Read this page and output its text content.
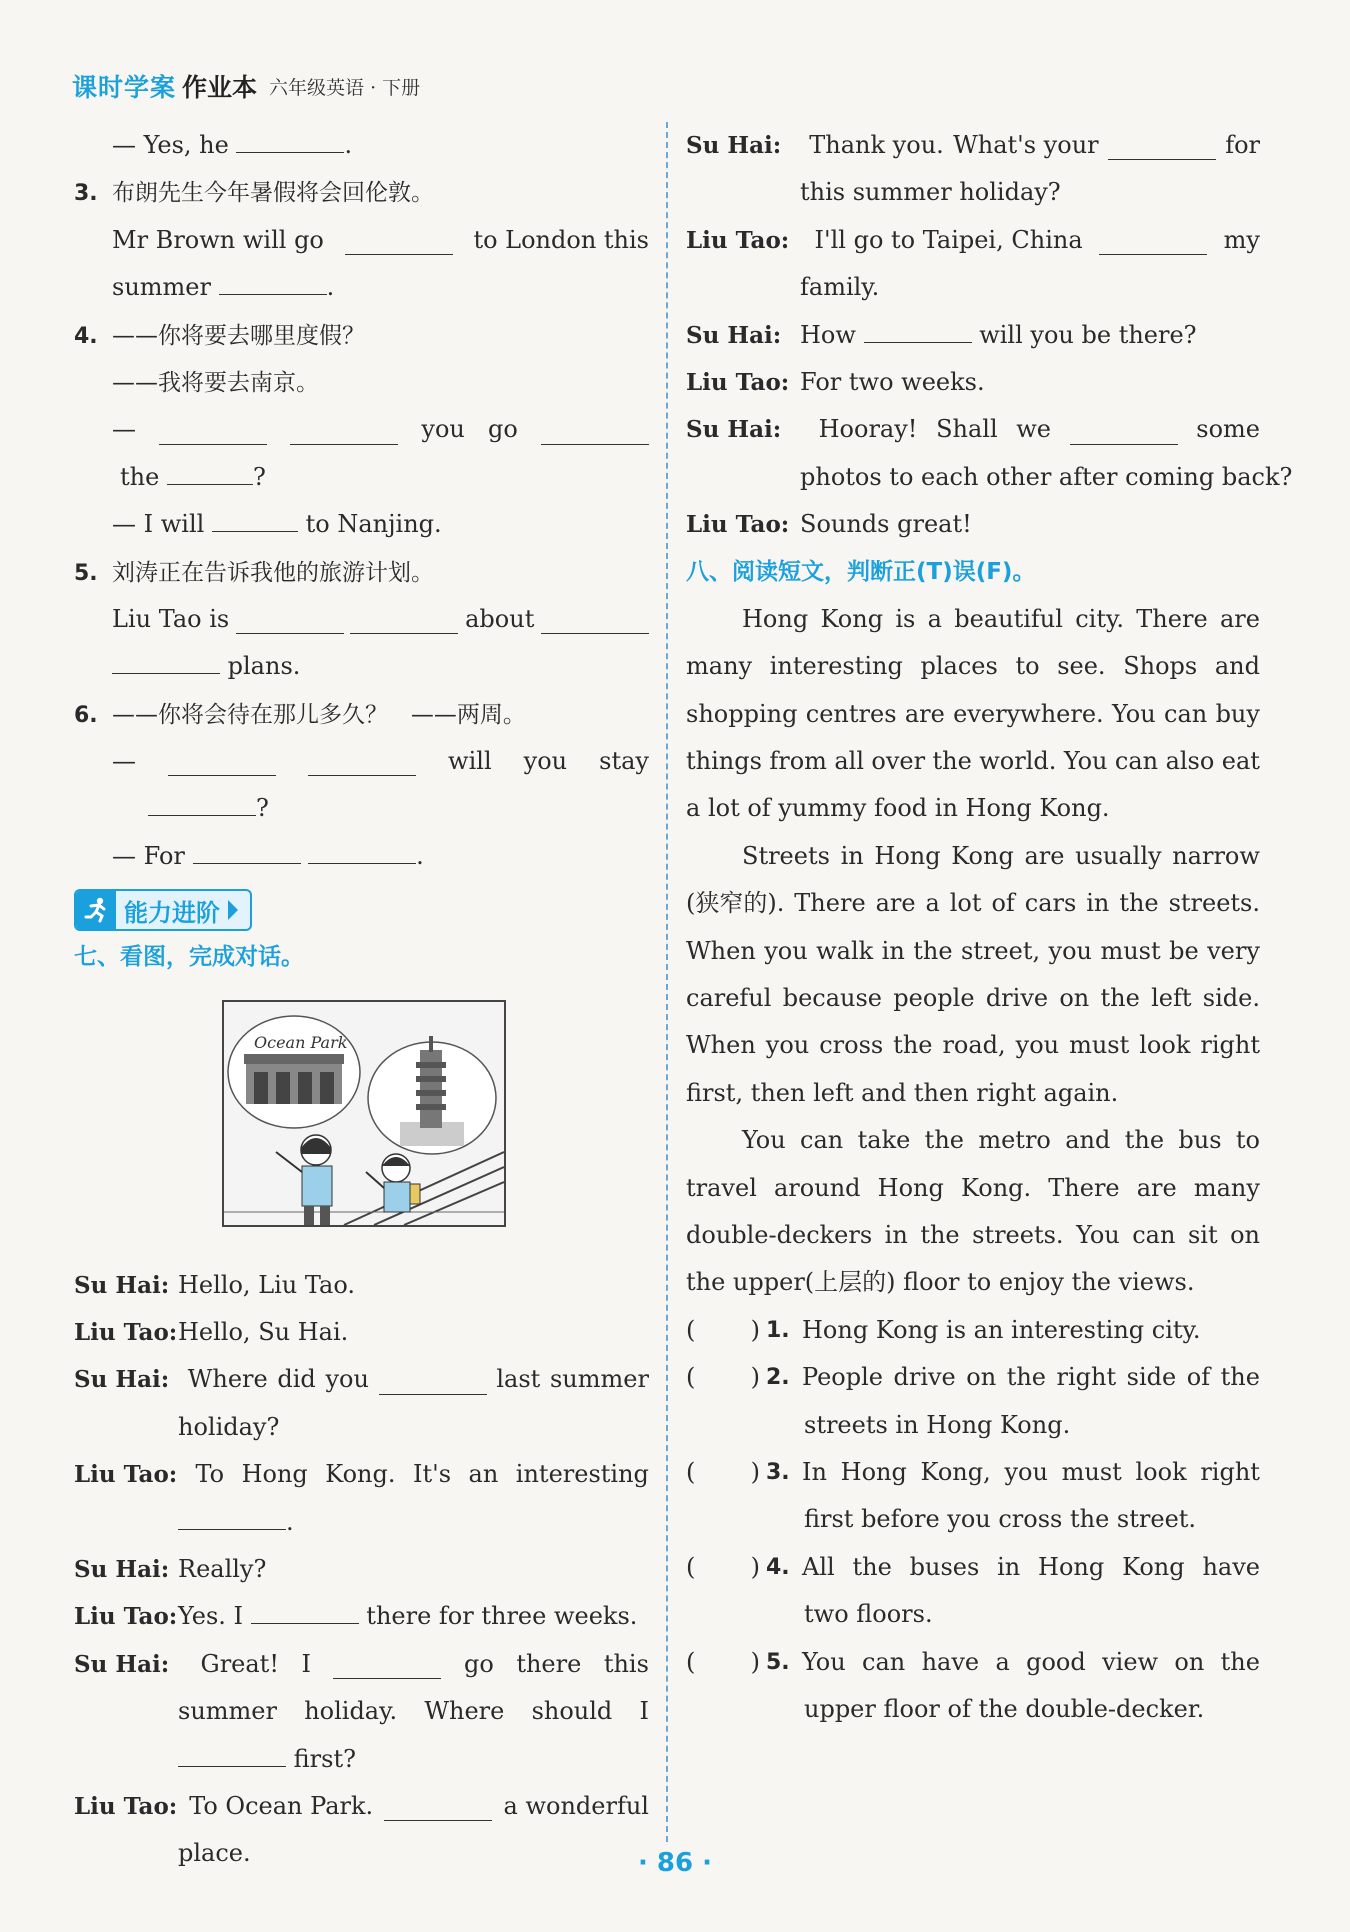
课时学案 作业本 六年级英语 · 下册
— Yes, he	.
3. 布朗先生今年暑假将会回伦敦。
Mr Brown will go	to London this
summer	.
4. ——你将要去哪里度假？
——我将要去南京。
—	you go
the	?
— I will	to Nanjing.
5. 刘涛正在告诉我他的旅游计划。
Liu Tao is	about
plans.
6. ——你将会待在那儿多久？ ——两周。
—	will you stay
?
— For	.
能力进阶
七、看图，完成对话。
Su Hai: Hello, Liu Tao.
Liu Tao:Hello, Su Hai.
Su Hai: Where did you	last summer
holiday?
Liu Tao: To Hong Kong. It's an interesting
.
Su Hai: Really?
Liu Tao:Yes. I	there for three weeks.
Su Hai:	Great! I	go there this
summer holiday. Where should I
first?
Liu Tao: To Ocean Park.	a wonderful
place.
Ocean Park
Su Hai:	Thank you. What's your	for
this summer holiday?
Liu Tao:	I'll go to Taipei, China	my
family.
Su Hai: How	will you be there?
Liu Tao: For two weeks.
Su Hai:	Hooray! Shall we	some
photos to each other after coming back?
Liu Tao: Sounds great!
八、阅读短文，判断正(T)误(F)。
Hong Kong is a beautiful city. There are
many interesting places to see. Shops and
shopping centres are everywhere. You can buy
things from all over the world. You can also eat
a lot of yummy food in Hong Kong.
Streets in Hong Kong are usually narrow
(狭窄的). There are a lot of cars in the streets.
When you walk in the street, you must be very
careful because people drive on the left side.
When you cross the road, you must look right
first, then left and then right again.
You can take the metro and the bus to
travel around Hong Kong. There are many
double-deckers in the streets. You can sit on
the upper(上层的) floor to enjoy the views.
( ) 1. Hong Kong is an interesting city.
( ) 2. People drive on the right side of the
streets in Hong Kong.
( ) 3. In Hong Kong, you must look right
first before you cross the street.
( ) 4. All the buses in Hong Kong have
two floors.
( ) 5. You can have a good view on the
upper floor of the double-decker.
· 86 ·
